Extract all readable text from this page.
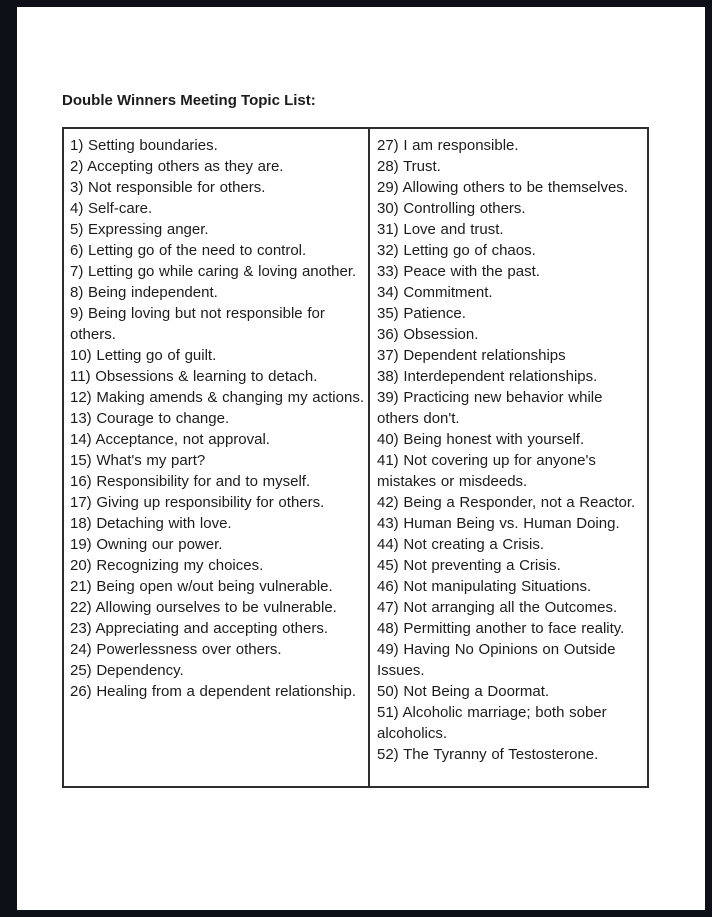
Double Winners Meeting Topic List:
1) Setting boundaries.
2) Accepting others as they are.
3) Not responsible for others.
4) Self-care.
5) Expressing anger.
6) Letting go of the need to control.
7) Letting go while caring & loving another.
8) Being independent.
9) Being loving but not responsible for others.
10) Letting go of guilt.
11) Obsessions & learning to detach.
12) Making amends & changing my actions.
13) Courage to change.
14) Acceptance, not approval.
15) What's my part?
16) Responsibility for and to myself.
17) Giving up responsibility for others.
18) Detaching with love.
19) Owning our power.
20) Recognizing my choices.
21) Being open w/out being vulnerable.
22) Allowing ourselves to be vulnerable.
23) Appreciating and accepting others.
24) Powerlessness over others.
25) Dependency.
26) Healing from a dependent relationship.
27) I am responsible.
28) Trust.
29) Allowing others to be themselves.
30) Controlling others.
31) Love and trust.
32) Letting go of chaos.
33) Peace with the past.
34) Commitment.
35) Patience.
36) Obsession.
37) Dependent relationships
38) Interdependent relationships.
39) Practicing new behavior while others don't.
40) Being honest with yourself.
41) Not covering up for anyone's mistakes or misdeeds.
42) Being a Responder, not a Reactor.
43) Human Being vs. Human Doing.
44) Not creating a Crisis.
45) Not preventing a Crisis.
46) Not manipulating Situations.
47) Not arranging all the Outcomes.
48) Permitting another to face reality.
49) Having No Opinions on Outside Issues.
50) Not Being a Doormat.
51) Alcoholic marriage; both sober alcoholics.
52) The Tyranny of Testosterone.
